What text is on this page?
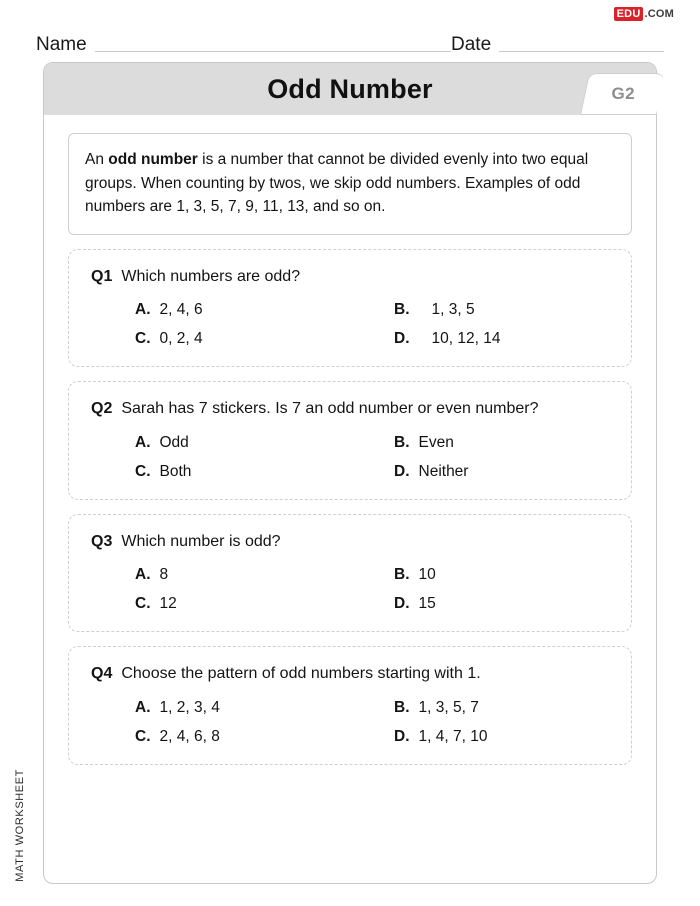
EDU .COM
Name	Date
Odd Number	G2
An odd number is a number that cannot be divided evenly into two equal groups. When counting by twos, we skip odd numbers. Examples of odd numbers are 1, 3, 5, 7, 9, 11, 13, and so on.
Q1 Which numbers are odd?
A. 2, 4, 6	B.	1, 3, 5
C. 0, 2, 4	D.	10, 12, 14
Q2 Sarah has 7 stickers. Is 7 an odd number or even number?
A. Odd	B. Even
C. Both	D. Neither
Q3 Which number is odd?
A. 8	B. 10
C. 12	D. 15
Q4 Choose the pattern of odd numbers starting with 1.
A. 1, 2, 3, 4	B. 1, 3, 5, 7
C. 2, 4, 6, 8	D. 1, 4, 7, 10
MATH WORKSHEET
